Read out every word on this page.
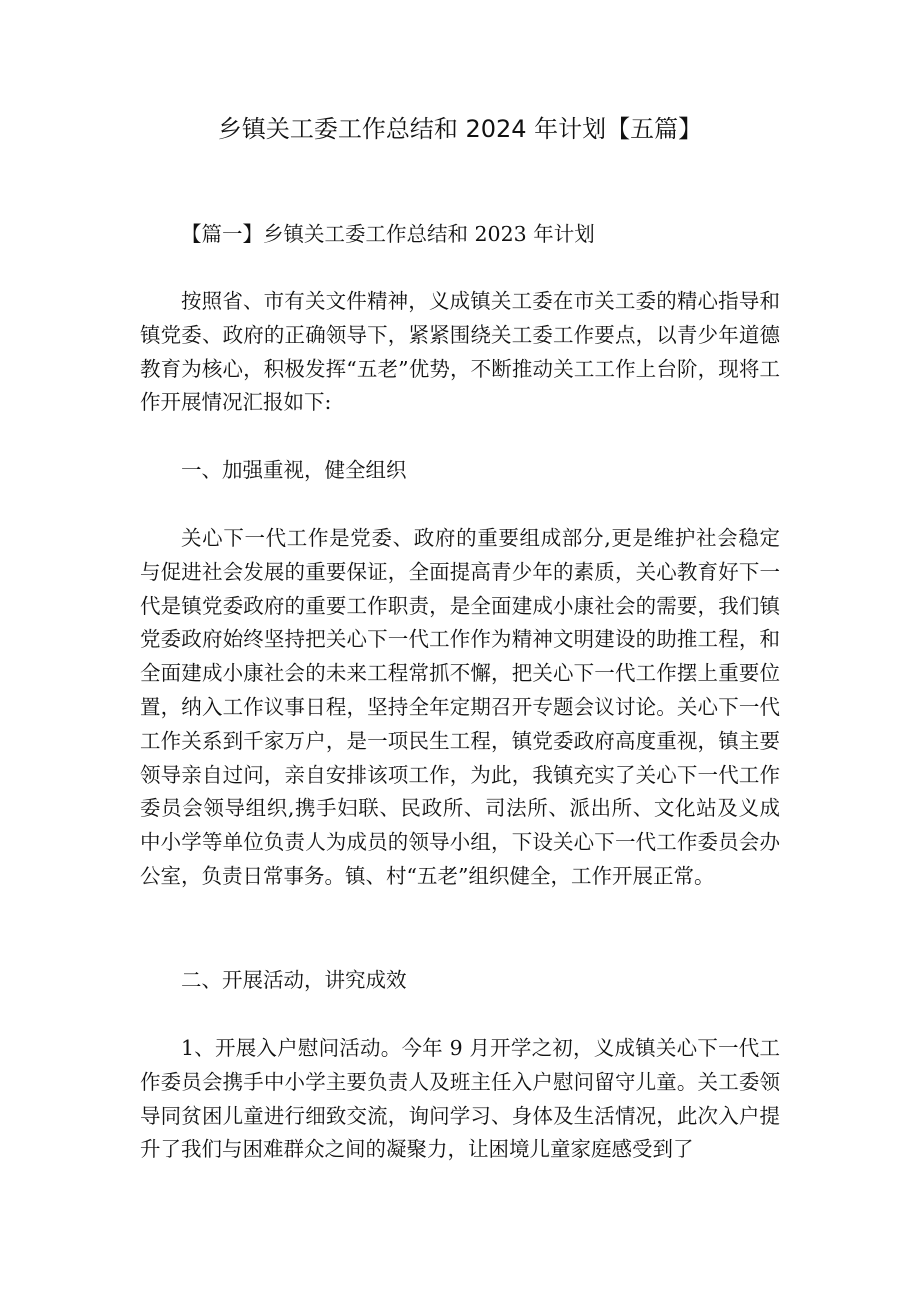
乡镇关工委工作总结和 2024 年计划【五篇】

【篇一】乡镇关工委工作总结和 2023 年计划

按照省、市有关文件精神，义成镇关工委在市关工委的精心指导和镇党委、政府的正确领导下，紧紧围绕关工委工作要点，以青少年道德教育为核心，积极发挥“五老”优势，不断推动关工工作上台阶，现将工作开展情况汇报如下:

一、加强重视，健全组织

关心下一代工作是党委、政府的重要组成部分,更是维护社会稳定与促进社会发展的重要保证，全面提高青少年的素质，关心教育好下一代是镇党委政府的重要工作职责，是全面建成小康社会的需要，我们镇党委政府始终坚持把关心下一代工作作为精神文明建设的助推工程，和全面建成小康社会的未来工程常抓不懈，把关心下一代工作摆上重要位置，纳入工作议事日程，坚持全年定期召开专题会议讨论。关心下一代工作关系到千家万户，是一项民生工程，镇党委政府高度重视，镇主要领导亲自过问，亲自安排该项工作，为此，我镇充实了关心下一代工作委员会领导组织,携手妇联、民政所、司法所、派出所、文化站及义成中小学等单位负责人为成员的领导小组，下设关心下一代工作委员会办公室，负责日常事务。镇、村“五老”组织健全，工作开展正常。

二、开展活动，讲究成效

1、开展入户慰问活动。今年 9 月开学之初，义成镇关心下一代工作委员会携手中小学主要负责人及班主任入户慰问留守儿童。关工委领导同贫困儿童进行细致交流，询问学习、身体及生活情况，此次入户提升了我们与困难群众之间的凝聚力，让困境儿童家庭感受到了
